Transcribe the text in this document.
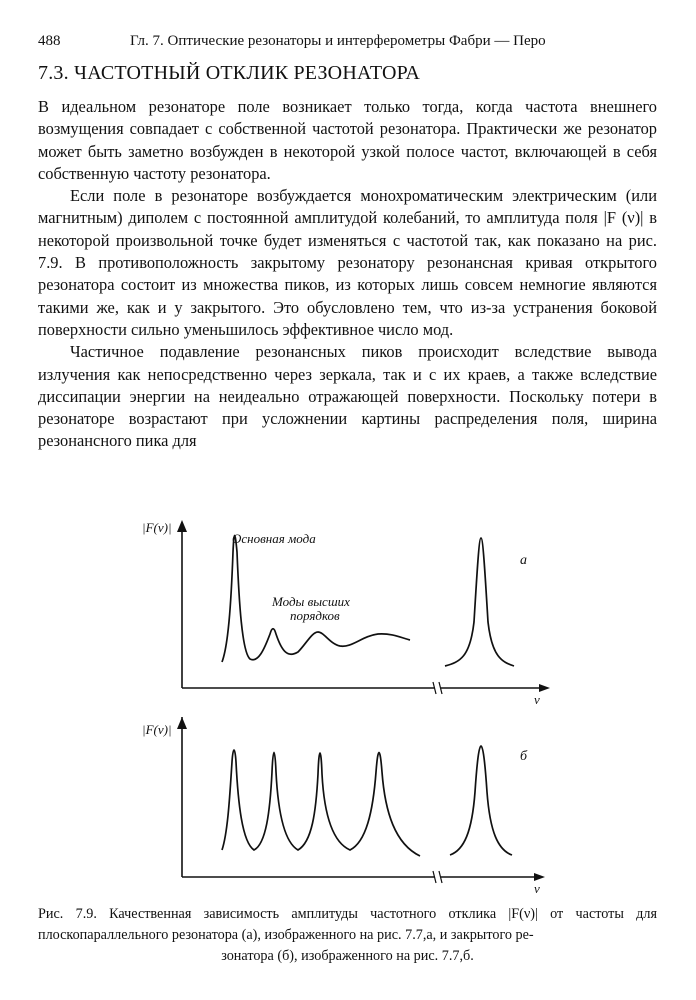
488	Гл. 7. Оптические резонаторы и интерферометры Фабри — Перо
7.3. ЧАСТОТНЫЙ ОТКЛИК РЕЗОНАТОРА

В идеальном резонаторе поле возникает только тогда, когда частота внешнего возмущения совпадает с собственной частотой резонатора. Практически же резонатор может быть заметно возбужден в некоторой узкой полосе частот, включающей в себя собственную частоту резонатора.

Если поле в резонаторе возбуждается монохроматическим электрическим (или магнитным) диполем с постоянной амплитудой колебаний, то амплитуда поля |F (ν)| в некоторой произвольной точке будет изменяться с частотой так, как показано на рис. 7.9. В противоположность закрытому резонатору резонансная кривая открытого резонатора состоит из множества пиков, из которых лишь совсем немногие являются такими же, как и у закрытого. Это обусловлено тем, что из-за устранения боковой поверхности сильно уменьшилось эффективное число мод.

Частичное подавление резонансных пиков происходит вследствие вывода излучения как непосредственно через зеркала, так и с их краев, а также вследствие диссипации энергии на неидеально отражающей поверхности. Поскольку потери в резонаторе возрастают при усложнении картины распределения поля, ширина резонансного пика для

|F(ν)|
ν
Основная мода
Моды высших
порядков
a
|F(ν)|
ν
б
Рис. 7.9. Качественная зависимость амплитуды частотного отклика |F(ν)| от частоты для плоскопараллельного резонатора (a), изображенного на рис. 7.7,a, и закрытого ре-
зонатора (б), изображенного на рис. 7.7,б.
